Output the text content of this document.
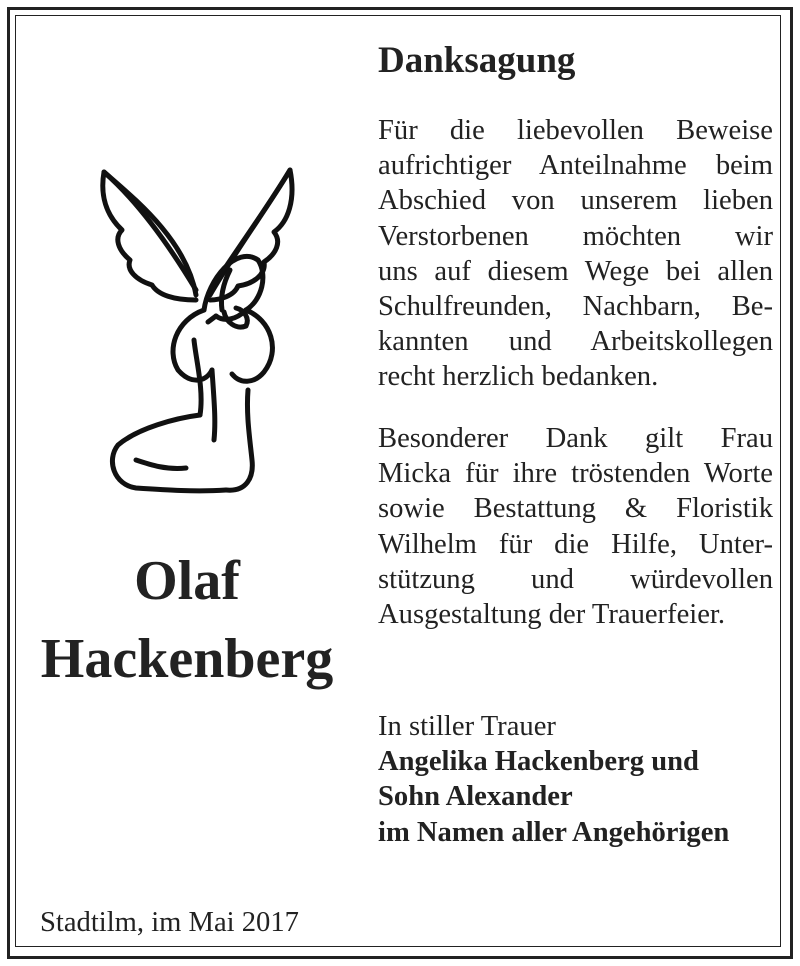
Olaf
Hackenberg
Danksagung
Für die liebevollen Beweise
aufrichtiger Anteilnahme beim
Abschied von unserem lieben
Verstorbenen möchten wir
uns auf diesem Wege bei allen
Schulfreunden, Nachbarn, Be-
kannten und Arbeitskollegen
recht herzlich bedanken.
Besonderer Dank gilt Frau
Micka für ihre tröstenden Worte
sowie Bestattung & Floristik
Wilhelm für die Hilfe, Unter-
stützung und würdevollen
Ausgestaltung der Trauerfeier.
In stiller Trauer
Angelika Hackenberg und
Sohn Alexander
im Namen aller Angehörigen
Stadtilm, im Mai 2017
